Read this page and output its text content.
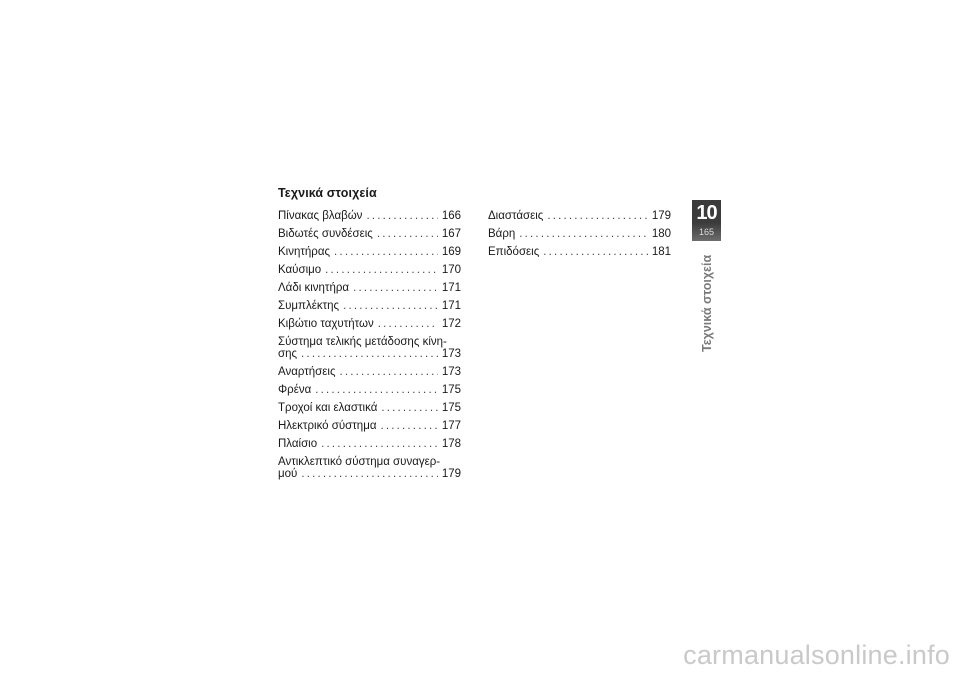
Τεχνικά στοιχεία
Πίνακας βλαβών . . .	166
Βιδωτές συνδέσεις . . .	167
Κινητήρας . . .	169
Καύσιμο . . .	170
Λάδι κινητήρα . . .	171
Συμπλέκτης . . .	171
Κιβώτιο ταχυτήτων . . .	172
Σύστημα τελικής μετάδοσης κίνη-
σης . . .	173
Αναρτήσεις . . .	173
Φρένα . . .	175
Τροχοί και ελαστικά . . .	175
Ηλεκτρικό σύστημα . . .	177
Πλαίσιο . . .	178
Αντικλεπτικό σύστημα συναγερ-
μού . . .	179
Διαστάσεις . . .	179
Βάρη . . .	180
Επιδόσεις . . .	181
10
165
Τεχνικά στοιχεία
carmanualsonline.info
